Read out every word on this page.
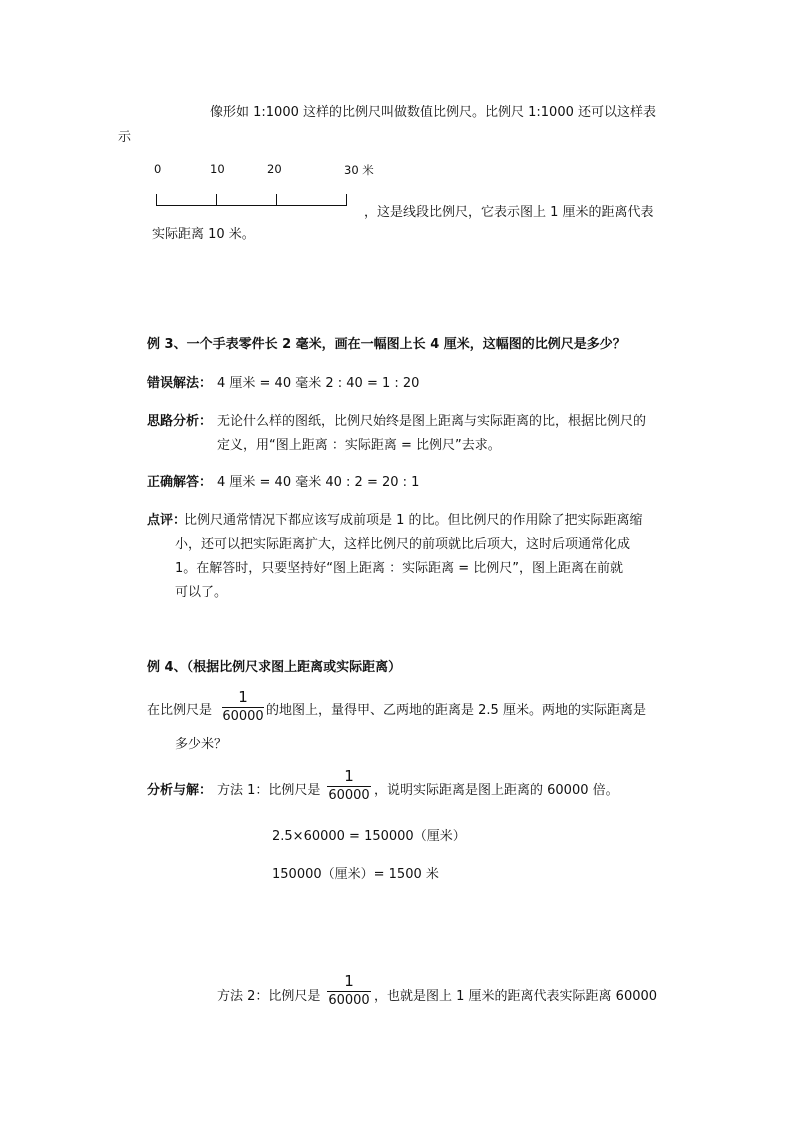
像形如 1:1000 这样的比例尺叫做数值比例尺。比例尺 1:1000 还可以这样表
示
0	10	20	30 米
，这是线段比例尺，它表示图上 1 厘米的距离代表
实际距离 10 米。
例 3、一个手表零件长 2 毫米，画在一幅图上长 4 厘米，这幅图的比例尺是多少？
错误解法： 4 厘米 = 40 毫米 2 : 40 = 1 : 20
思路分析： 无论什么样的图纸，比例尺始终是图上距离与实际距离的比，根据比例尺的
定义，用“图上距离 ：实际距离 = 比例尺”去求。
正确解答： 4 厘米 = 40 毫米 40 : 2 = 20 : 1
点评：
比例尺通常情况下都应该写成前项是 1 的比。但比例尺的作用除了把实际距离缩
小，还可以把实际距离扩大，这样比例尺的前项就比后项大，这时后项通常化成
1。在解答时，只要坚持好“图上距离 ：实际距离 = 比例尺”，图上距离在前就
可以了。
例 4、（根据比例尺求图上距离或实际距离）
在比例尺是
1
60000 的地图上，量得甲、乙两地的距离是 2.5 厘米。两地的实际距离是
多少米？
分析与解： 方法 1：比例尺是
1
60000 ，说明实际距离是图上距离的 60000 倍。
2.5×60000 = 150000（厘米）
150000（厘米）= 1500 米
方法 2：比例尺是
1
60000 ，也就是图上 1 厘米的距离代表实际距离 60000
